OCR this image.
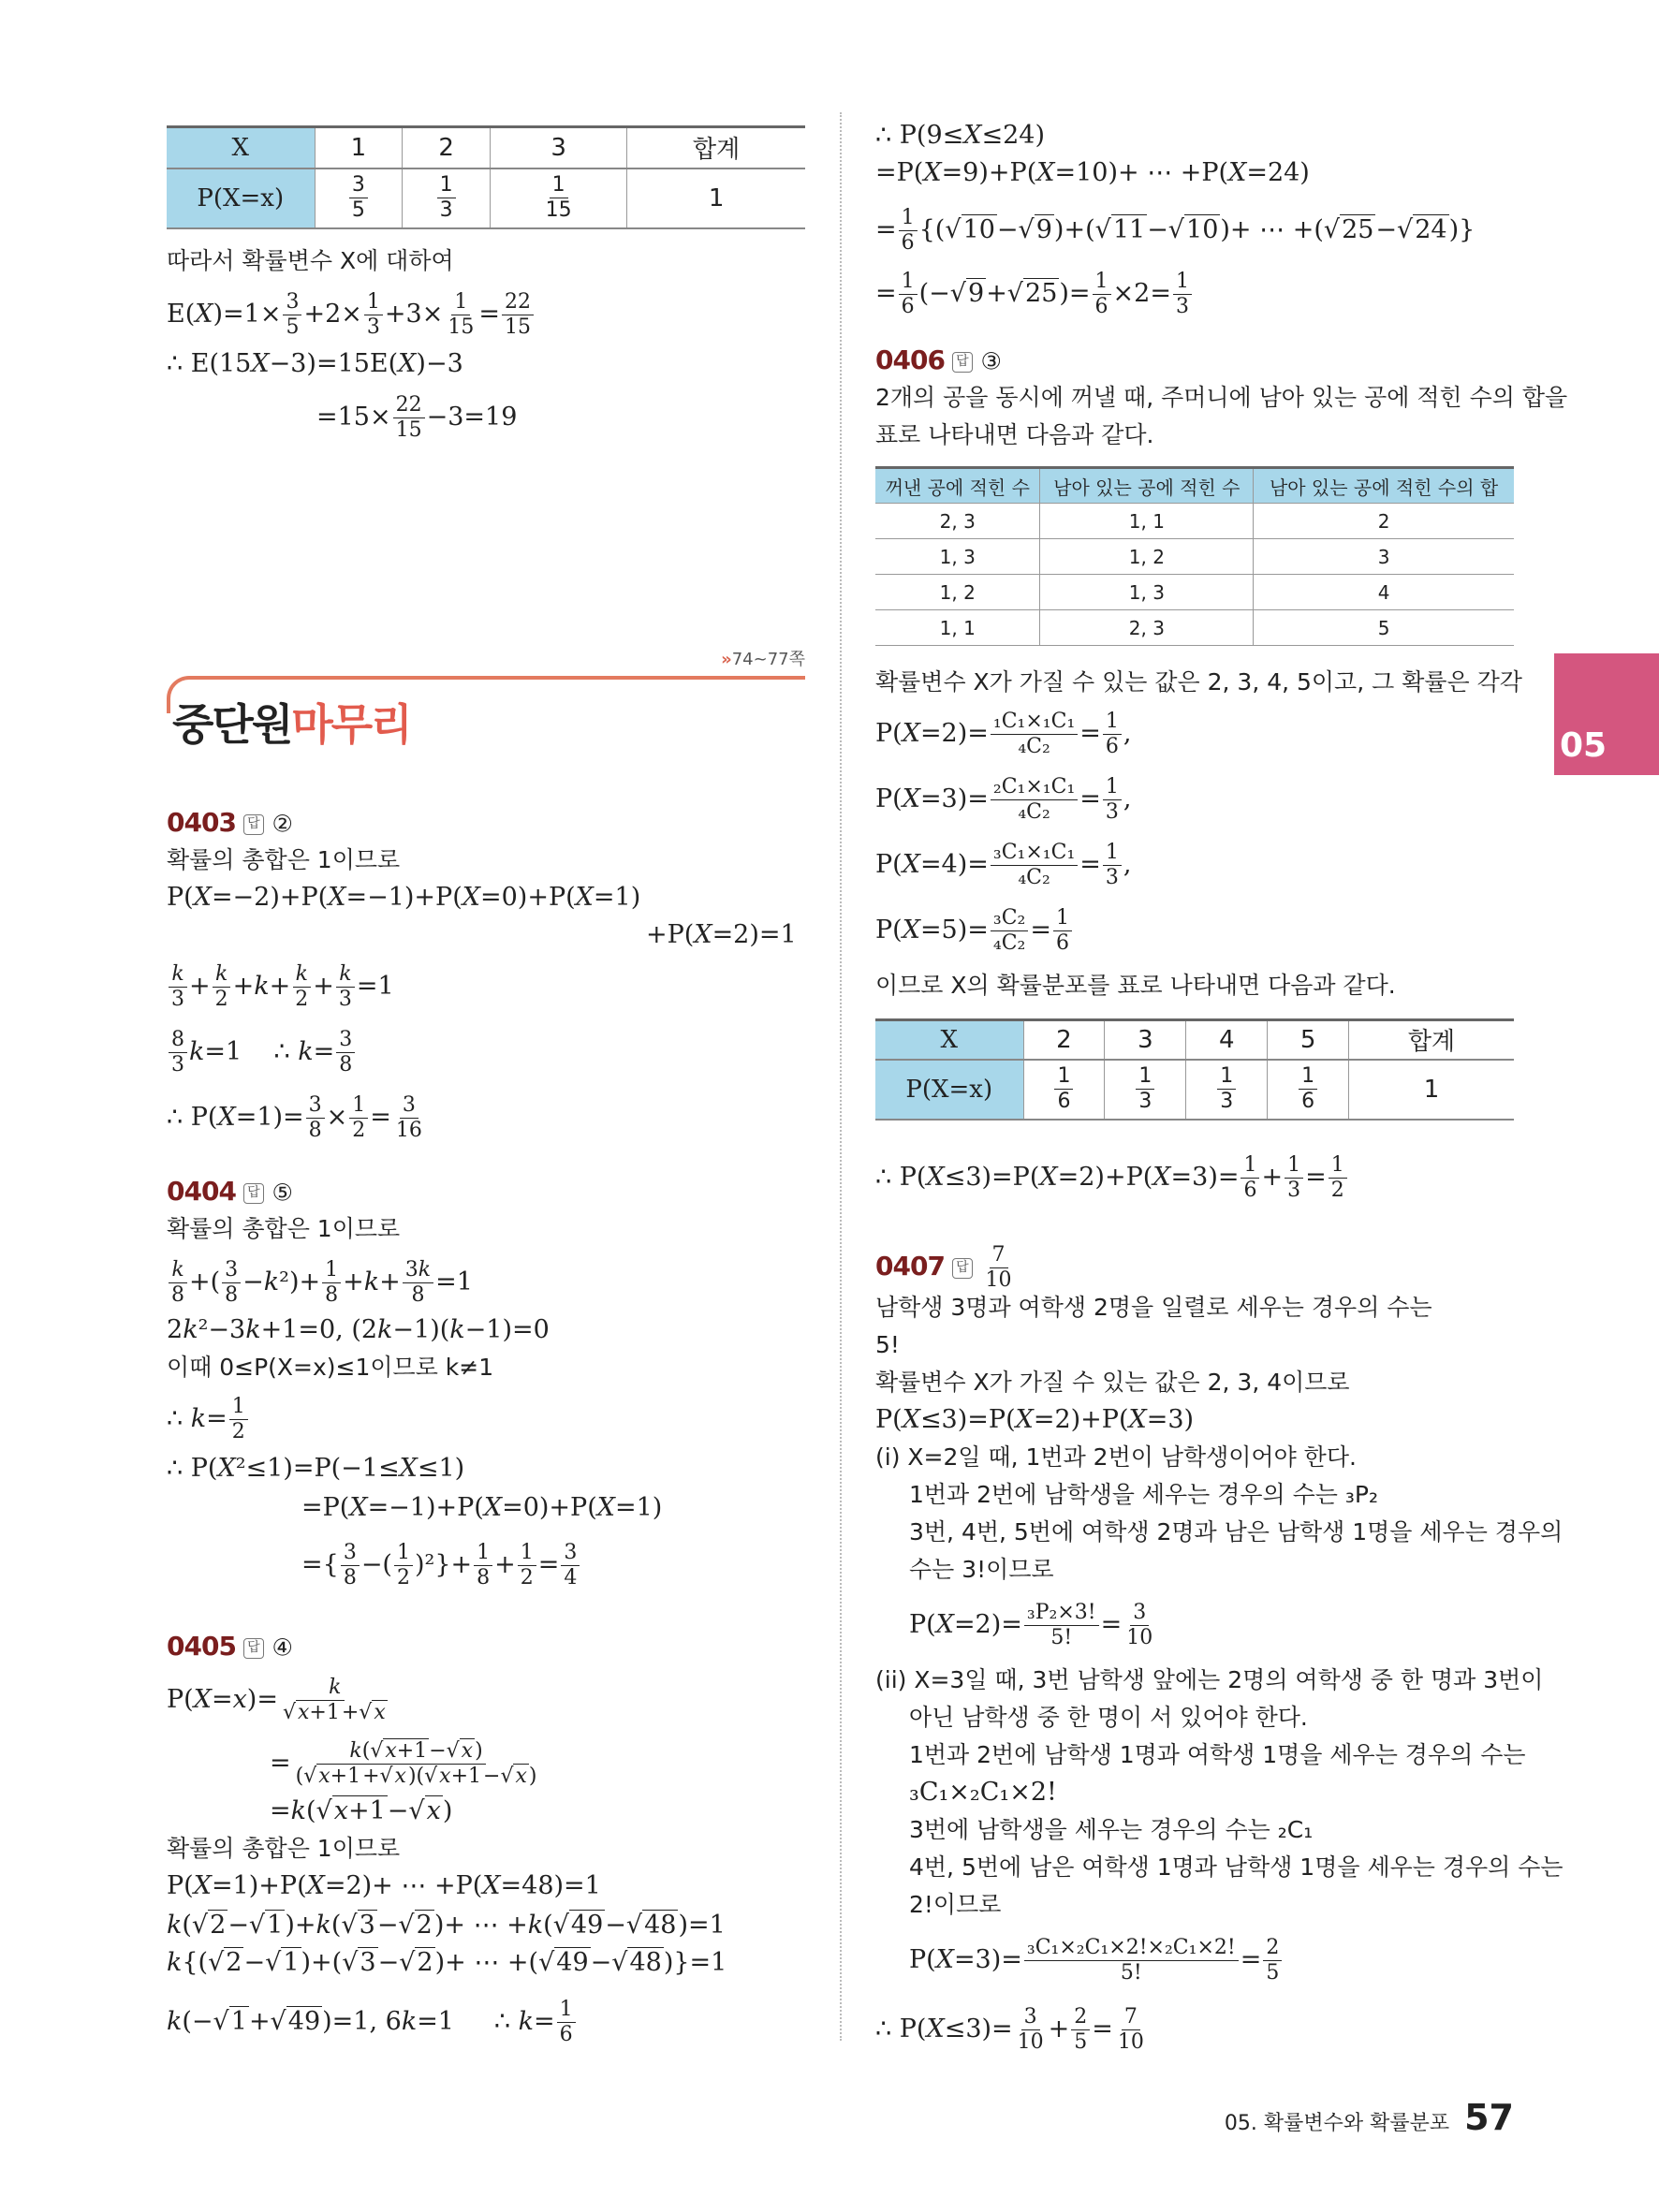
X	1	2	3	합계
P(X=x)	$\frac{3}{5}$	$\frac{1}{3}$	$\frac{1}{15}$	1
따라서 확률변수 X에 대하여
$E(X)=1\times \frac{3}{5} +2\times \frac{1}{3} +3\times \frac{1}{15} = \frac{22}{15}$
∴ E(15X−3)=15E(X)−3
$=15\times \frac{22}{15} -3=19$
»74~77쪽
중단원마무리
0403 답 ②
확률의 총합은 1이므로
P(X=−2)+P(X=−1)+P(X=0)+P(X=1)
+P(X=2)=1
$\frac{k}{3} + \frac{k}{2} +k+ \frac{k}{2} + \frac{k}{3} =1$
$\frac{8}{3} k=1$    ∴ $k= \frac{3}{8}$
∴ $P(X=1)= \frac{3}{8} \times \frac{1}{2} = \frac{3}{16}$
0404 답 ⑤
확률의 총합은 1이므로
$\frac{k}{8}$ +( $\frac{3}{8} -k^2)+ \frac{1}{8} +k+ \frac{3k}{8} =1$
2k²−3k+1=0, (2k−1)(k−1)=0
이때 0≤P(X=x)≤1이므로 k≠1
∴ $k= \frac{1}{2}$
∴ P(X²≤1)=P(−1≤X≤1)
=P(X=−1)+P(X=0)+P(X=1)
={ $\frac{3}{8}$ −( $\frac{1}{2} )^2\}+ \frac{1}{8} + \frac{1}{2} = \frac{3}{4}$
0405 답 ④
$P(X=x)= \frac{k}{√x+1+√x}$
= $\frac{k(√x+1-√x)}{(√x+1+√x)(√x+1-√x)}$
=k(√x+1−√x)
확률의 총합은 1이므로
P(X=1)+P(X=2)+ ⋯ +P(X=48)=1
k(√2−√1)+k(√3−√2)+ ⋯ +k(√49−√48)=1
k{(√2−√1)+(√3−√2)+ ⋯ +(√49−√48)}=1
k(−√1+√49)=1, 6k=1     ∴ $k= \frac{1}{6}$
∴ P(9≤X≤24)
=P(X=9)+P(X=10)+ ⋯ +P(X=24)
= $\frac{1}{6} \{(√10-√9)+(√11-√10)+$ ⋯ +(√25−√24)}
= $\frac{1}{6} (-√9+√25)= \frac{1}{6} \times 2= \frac{1}{3}$
0406 답 ③
2개의 공을 동시에 꺼낼 때, 주머니에 남아 있는 공에 적힌 수의 합을
표로 나타내면 다음과 같다.
꺼낸 공에 적힌 수	남아 있는 공에 적힌 수	남아 있는 공에 적힌 수의 합
2, 3	1, 1	2
1, 3	1, 2	3
1, 2	1, 3	4
1, 1	2, 3	5
확률변수 X가 가질 수 있는 값은 2, 3, 4, 5이고, 그 확률은 각각
$P(X=2)= \frac{\text{₁C₁×₁C₁}}{\text{₄C₂}} = \frac{1}{6}$ ,
$P(X=3)= \frac{\text{₂C₁×₁C₁}}{\text{₄C₂}} = \frac{1}{3}$ ,
$P(X=4)= \frac{\text{₃C₁×₁C₁}}{\text{₄C₂}} = \frac{1}{3}$ ,
$P(X=5)= \frac{\text{₃C₂}}{\text{₄C₂}} = \frac{1}{6}$
이므로 X의 확률분포를 표로 나타내면 다음과 같다.
X	2	3	4	5	합계
P(X=x)	$\frac{1}{6}$	$\frac{1}{3}$	$\frac{1}{3}$	$\frac{1}{6}$	1
∴ $P(X\le 3)=P(X=2)+P(X=3)= \frac{1}{6} + \frac{1}{3} = \frac{1}{2}$
0407 답 $\frac{7}{10}$
남학생 3명과 여학생 2명을 일렬로 세우는 경우의 수는
5!
확률변수 X가 가질 수 있는 값은 2, 3, 4이므로
P(X≤3)=P(X=2)+P(X=3)
(i) X=2일 때, 1번과 2번이 남학생이어야 한다.
1번과 2번에 남학생을 세우는 경우의 수는 ₃P₂
3번, 4번, 5번에 여학생 2명과 남은 남학생 1명을 세우는 경우의
수는 3!이므로
$P(X=2)= \frac{\text{₃P₂×3!}}{5!} = \frac{3}{10}$
(ii) X=3일 때, 3번 남학생 앞에는 2명의 여학생 중 한 명과 3번이
아닌 남학생 중 한 명이 서 있어야 한다.
1번과 2번에 남학생 1명과 여학생 1명을 세우는 경우의 수는
₃C₁×₂C₁×2!
3번에 남학생을 세우는 경우의 수는 ₂C₁
4번, 5번에 남은 여학생 1명과 남학생 1명을 세우는 경우의 수는
2!이므로
$P(X=3)= \frac{\text{₃C₁×₂C₁×2!×₂C₁×2!}}{5!} = \frac{2}{5}$
∴ $P(X\le 3)= \frac{3}{10} + \frac{2}{5} = \frac{7}{10}$
05
05. 확률변수와 확률분포 57
